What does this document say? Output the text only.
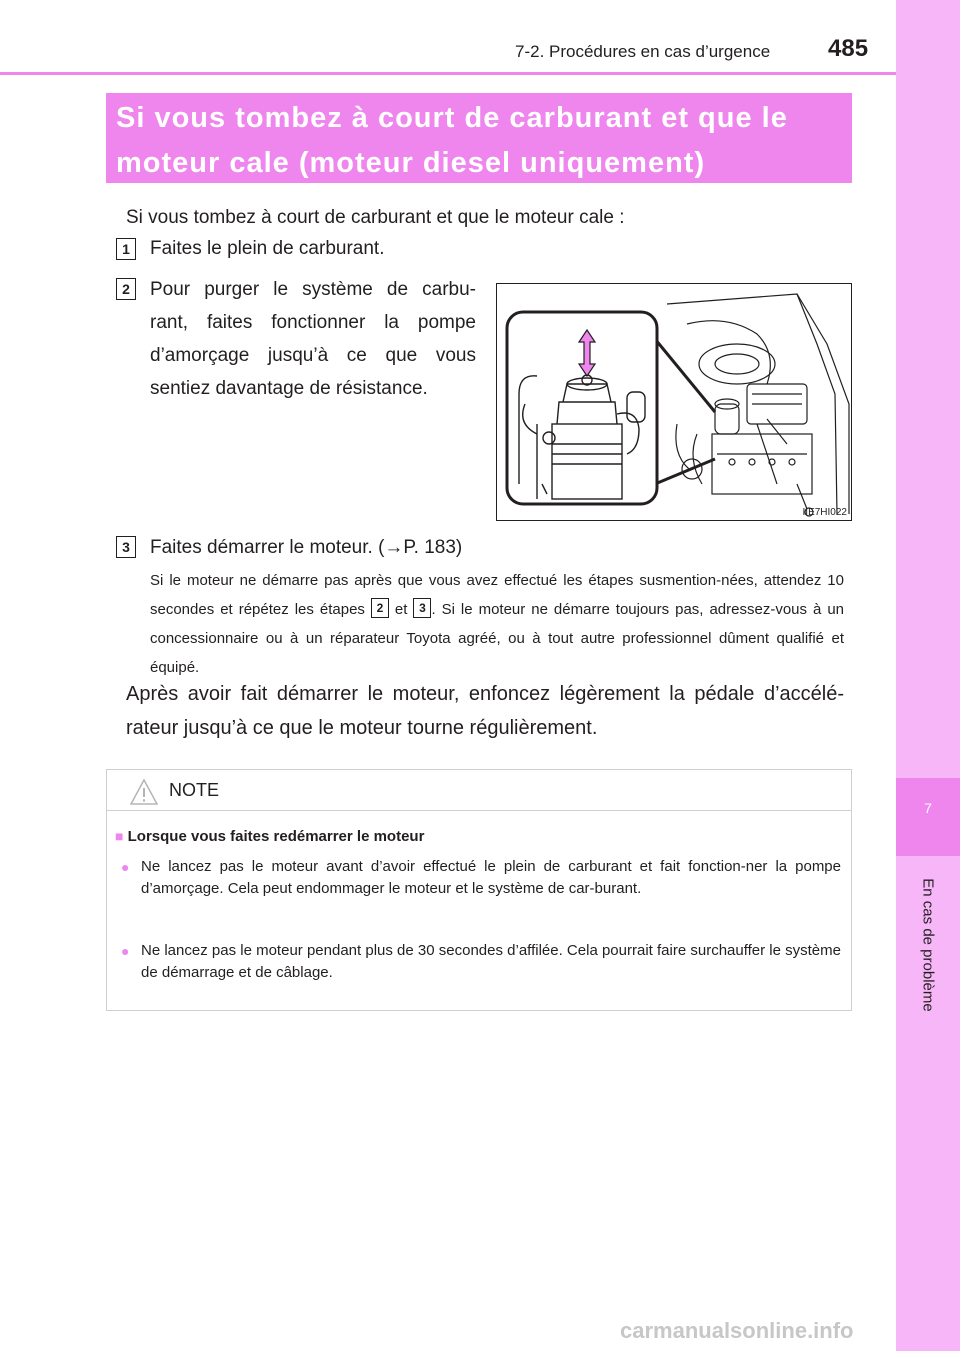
7
En cas de problème
7-2. Procédures en cas d’urgence 485
Si vous tombez à court de carburant et que le
moteur cale (moteur diesel uniquement)
Si vous tombez à court de carburant et que le moteur cale :
1	Faites le plein de carburant.
2	Pour purger le système de carbu-
rant, faites fonctionner la pompe
d’amorçage jusqu’à ce que vous
sentiez davantage de résistance.
IIE7HI022
3	Faites démarrer le moteur. (→P. 183)
Si le moteur ne démarre pas après que vous avez effectué les étapes susmention-nées, attendez 10 secondes et répétez les étapes 2 et 3 . Si le moteur ne démarre toujours pas, adressez-vous à un concessionnaire ou à un réparateur Toyota agréé, ou à tout autre professionnel dûment qualifié et équipé.
Après avoir fait démarrer le moteur, enfoncez légèrement la pédale d’accélé-rateur jusqu’à ce que le moteur tourne régulièrement.
NOTE
■ Lorsque vous faites redémarrer le moteur
● Ne lancez pas le moteur avant d’avoir effectué le plein de carburant et fait fonction-ner la pompe d’amorçage. Cela peut endommager le moteur et le système de car-burant.
● Ne lancez pas le moteur pendant plus de 30 secondes d’affilée. Cela pourrait faire surchauffer le système de démarrage et de câblage.
carmanualsonline.info
